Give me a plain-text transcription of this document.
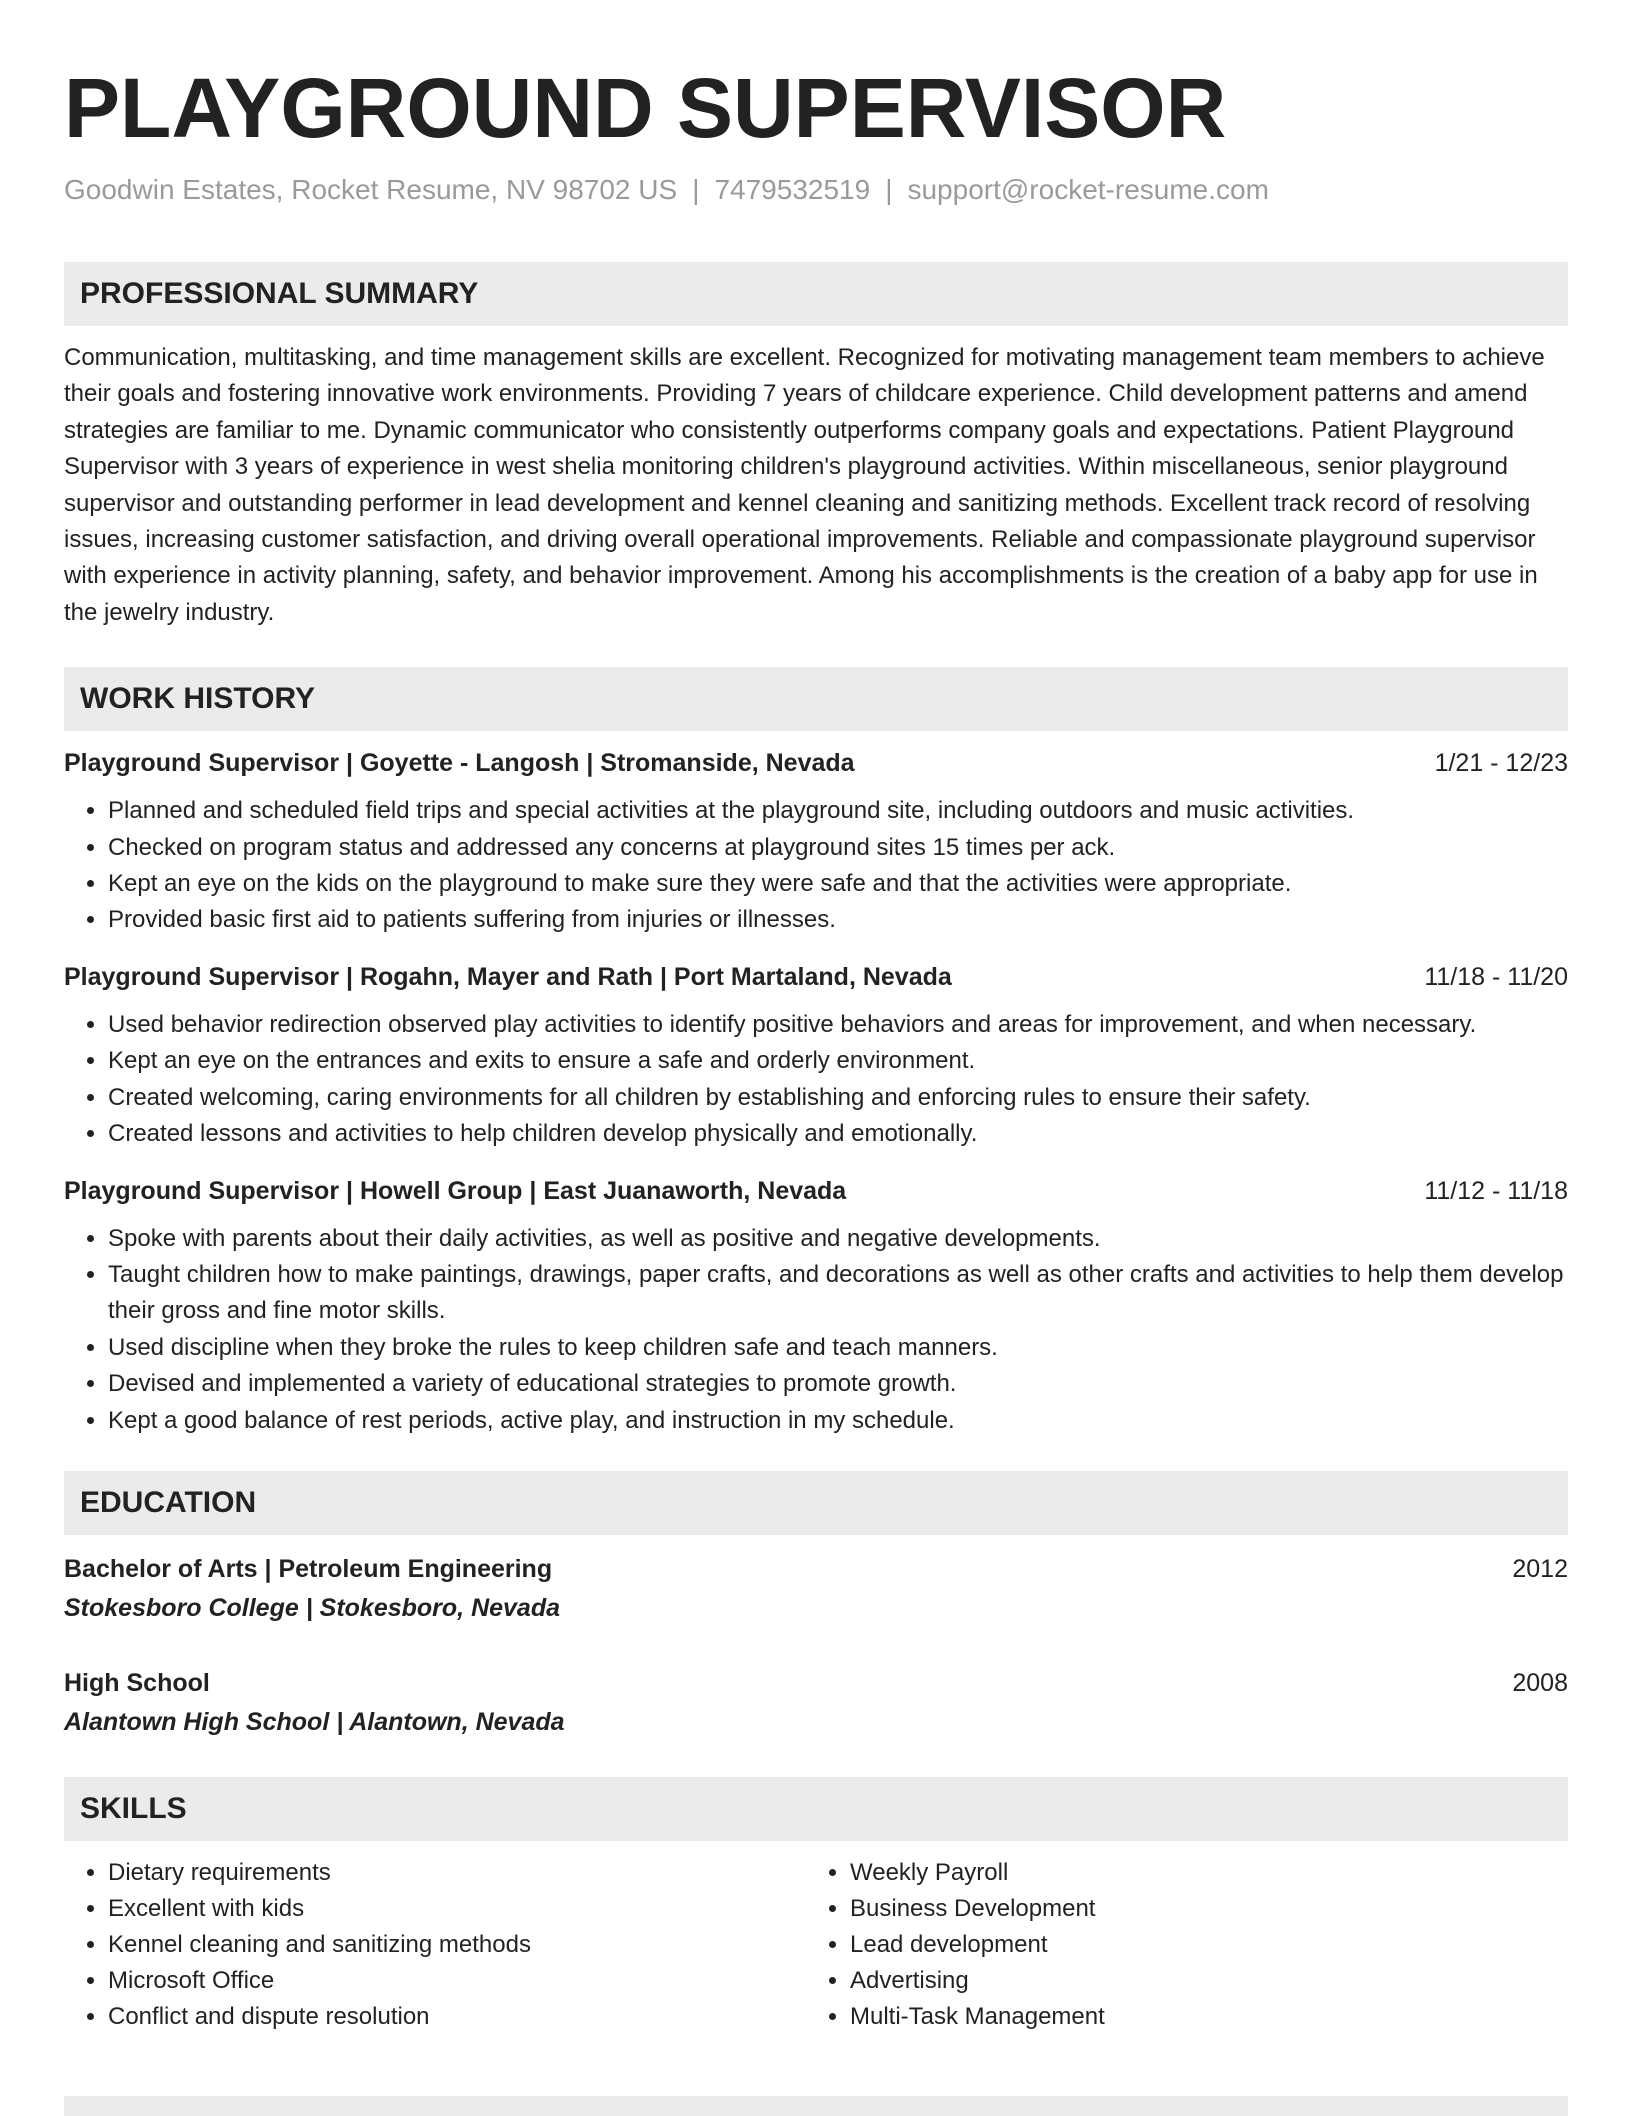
PLAYGROUND SUPERVISOR
Goodwin Estates, Rocket Resume, NV 98702 US | 7479532519 | support@rocket-resume.com
PROFESSIONAL SUMMARY
Communication, multitasking, and time management skills are excellent. Recognized for motivating management team members to achieve their goals and fostering innovative work environments. Providing 7 years of childcare experience. Child development patterns and amend strategies are familiar to me. Dynamic communicator who consistently outperforms company goals and expectations. Patient Playground Supervisor with 3 years of experience in west shelia monitoring children's playground activities. Within miscellaneous, senior playground supervisor and outstanding performer in lead development and kennel cleaning and sanitizing methods. Excellent track record of resolving issues, increasing customer satisfaction, and driving overall operational improvements. Reliable and compassionate playground supervisor with experience in activity planning, safety, and behavior improvement. Among his accomplishments is the creation of a baby app for use in the jewelry industry.
WORK HISTORY
Playground Supervisor | Goyette - Langosh | Stromanside, Nevada	1/21 - 12/23
• Planned and scheduled field trips and special activities at the playground site, including outdoors and music activities.
• Checked on program status and addressed any concerns at playground sites 15 times per ack.
• Kept an eye on the kids on the playground to make sure they were safe and that the activities were appropriate.
• Provided basic first aid to patients suffering from injuries or illnesses.
Playground Supervisor | Rogahn, Mayer and Rath | Port Martaland, Nevada	11/18 - 11/20
• Used behavior redirection observed play activities to identify positive behaviors and areas for improvement, and when necessary.
• Kept an eye on the entrances and exits to ensure a safe and orderly environment.
• Created welcoming, caring environments for all children by establishing and enforcing rules to ensure their safety.
• Created lessons and activities to help children develop physically and emotionally.
Playground Supervisor | Howell Group | East Juanaworth, Nevada	11/12 - 11/18
• Spoke with parents about their daily activities, as well as positive and negative developments.
• Taught children how to make paintings, drawings, paper crafts, and decorations as well as other crafts and activities to help them develop their gross and fine motor skills.
• Used discipline when they broke the rules to keep children safe and teach manners.
• Devised and implemented a variety of educational strategies to promote growth.
• Kept a good balance of rest periods, active play, and instruction in my schedule.
EDUCATION
Bachelor of Arts | Petroleum Engineering	2012
Stokesboro College | Stokesboro, Nevada
High School	2008
Alantown High School | Alantown, Nevada
SKILLS
• Dietary requirements
• Excellent with kids
• Kennel cleaning and sanitizing methods
• Microsoft Office
• Conflict and dispute resolution
• Weekly Payroll
• Business Development
• Lead development
• Advertising
• Multi-Task Management
